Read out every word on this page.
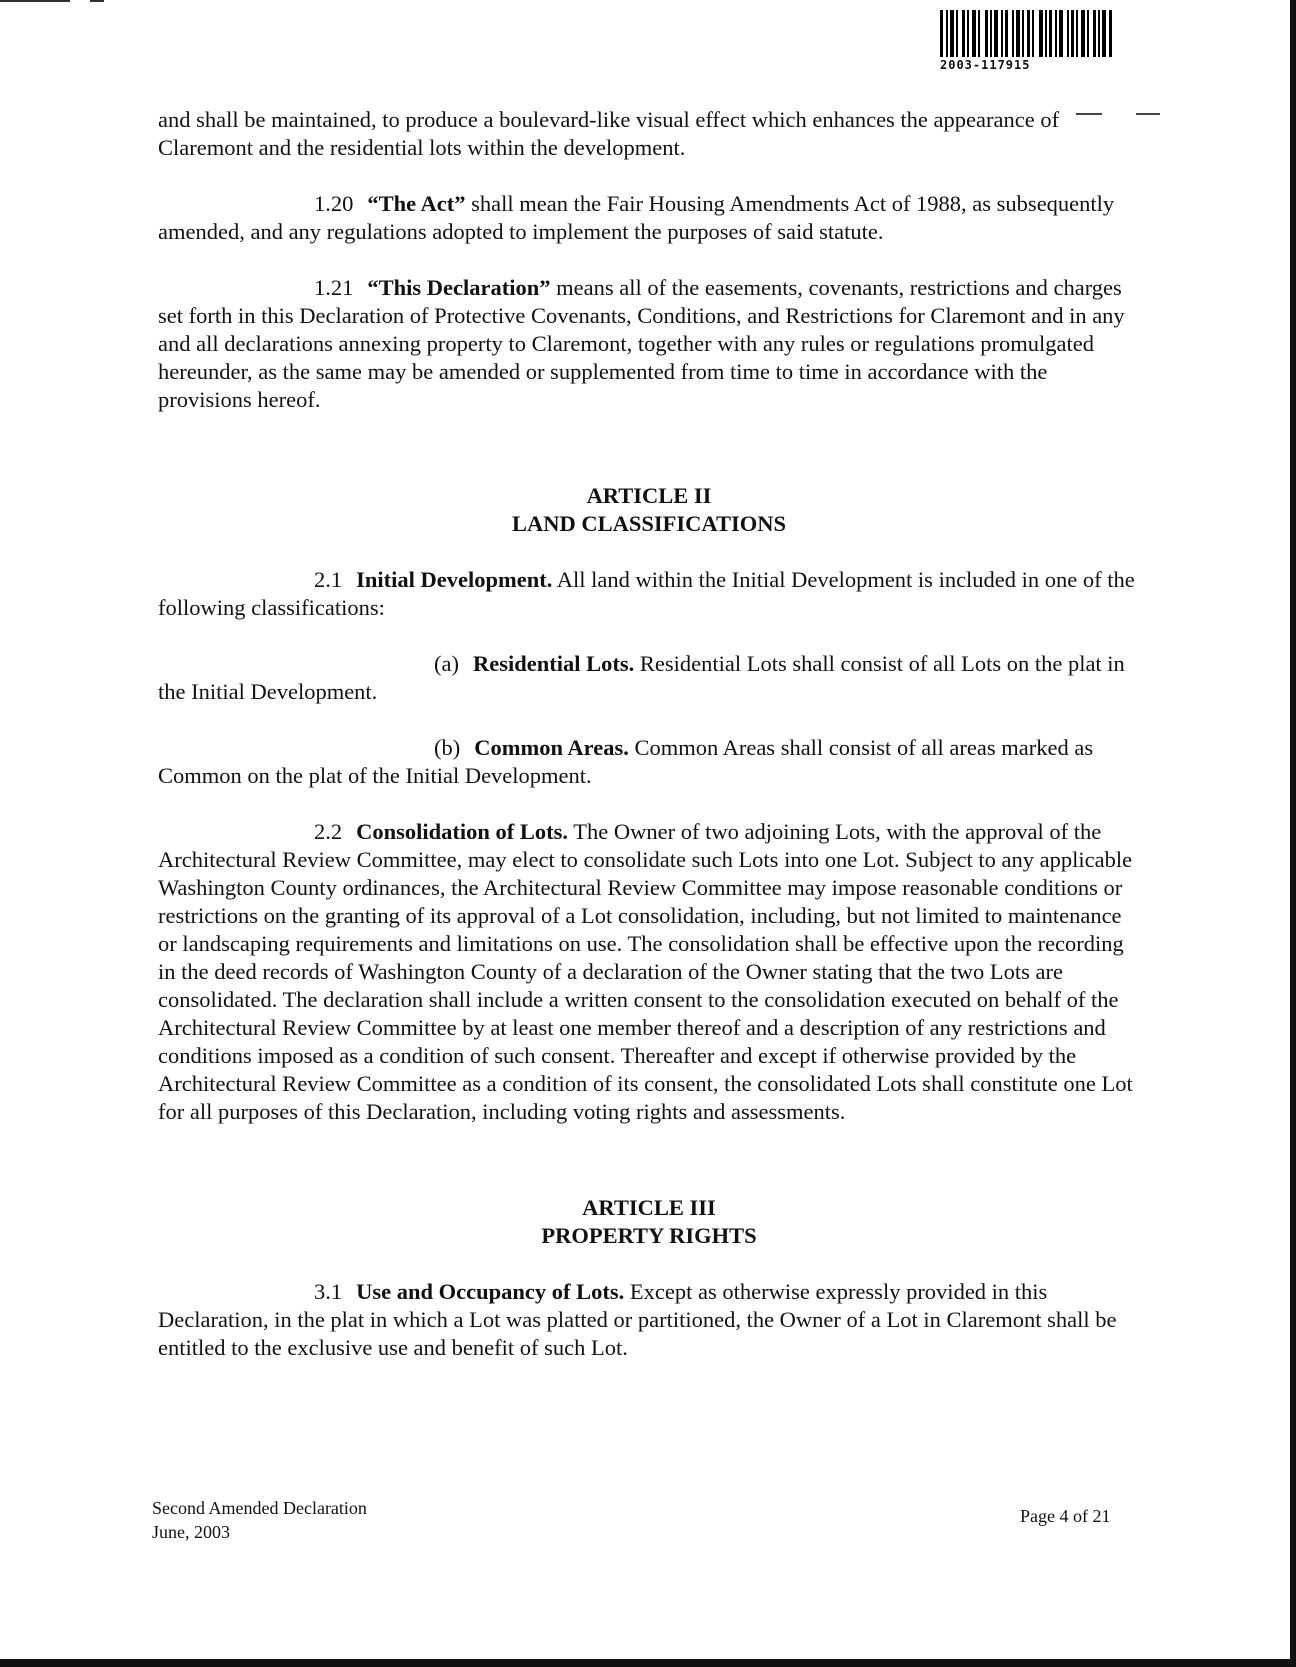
2003-117915

and shall be maintained, to produce a boulevard-like visual effect which enhances the appearance of Claremont and the residential lots within the development.

1.20 “The Act” shall mean the Fair Housing Amendments Act of 1988, as subsequently amended, and any regulations adopted to implement the purposes of said statute.

1.21 “This Declaration” means all of the easements, covenants, restrictions and charges set forth in this Declaration of Protective Covenants, Conditions, and Restrictions for Claremont and in any and all declarations annexing property to Claremont, together with any rules or regulations promulgated hereunder, as the same may be amended or supplemented from time to time in accordance with the provisions hereof.

ARTICLE II
LAND CLASSIFICATIONS

2.1 Initial Development. All land within the Initial Development is included in one of the following classifications:

(a) Residential Lots. Residential Lots shall consist of all Lots on the plat in the Initial Development.

(b) Common Areas. Common Areas shall consist of all areas marked as Common on the plat of the Initial Development.

2.2 Consolidation of Lots. The Owner of two adjoining Lots, with the approval of the Architectural Review Committee, may elect to consolidate such Lots into one Lot. Subject to any applicable Washington County ordinances, the Architectural Review Committee may impose reasonable conditions or restrictions on the granting of its approval of a Lot consolidation, including, but not limited to maintenance or landscaping requirements and limitations on use. The consolidation shall be effective upon the recording in the deed records of Washington County of a declaration of the Owner stating that the two Lots are consolidated. The declaration shall include a written consent to the consolidation executed on behalf of the Architectural Review Committee by at least one member thereof and a description of any restrictions and conditions imposed as a condition of such consent. Thereafter and except if otherwise provided by the Architectural Review Committee as a condition of its consent, the consolidated Lots shall constitute one Lot for all purposes of this Declaration, including voting rights and assessments.

ARTICLE III
PROPERTY RIGHTS

3.1 Use and Occupancy of Lots. Except as otherwise expressly provided in this Declaration, in the plat in which a Lot was platted or partitioned, the Owner of a Lot in Claremont shall be entitled to the exclusive use and benefit of such Lot.

Second Amended Declaration
June, 2003
Page 4 of 21
